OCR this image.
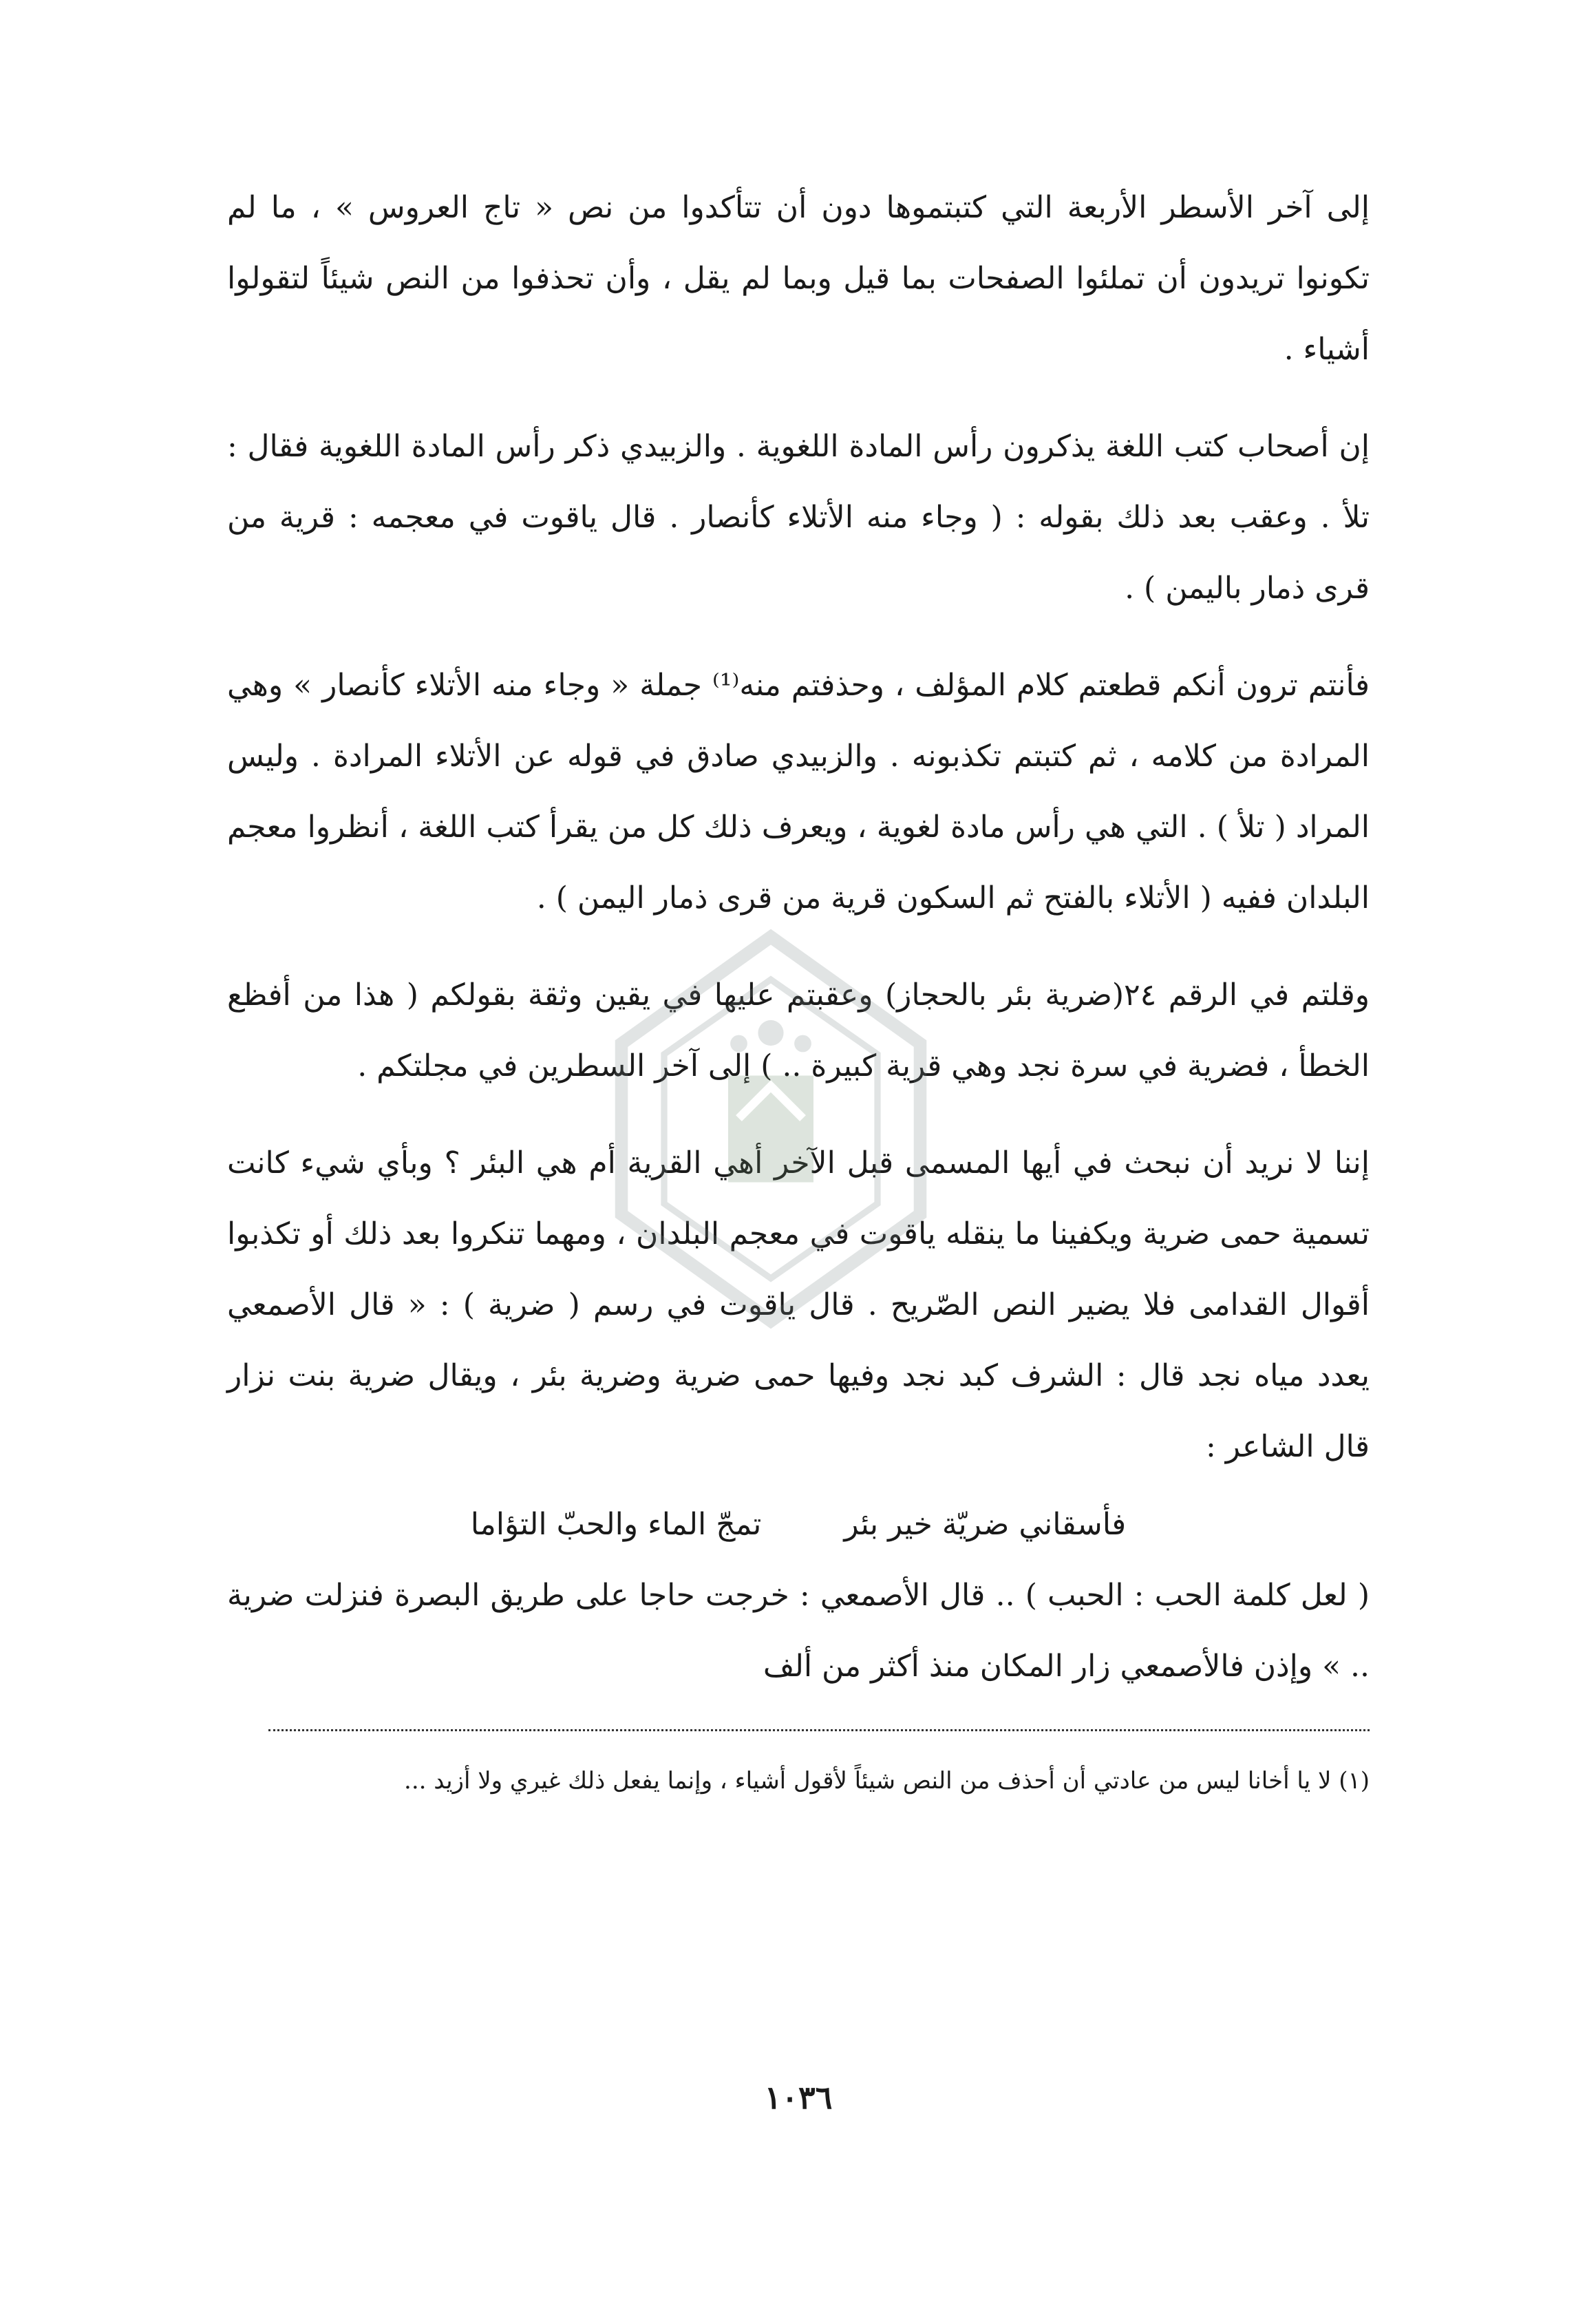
إلى آخر الأسطر الأربعة التي كتبتموها دون أن تتأكدوا من نص « تاج العروس » ، ما لم تكونوا تريدون أن تملئوا الصفحات بما قيل وبما لم يقل ، وأن تحذفوا من النص شيئاً لتقولوا أشياء .

إن أصحاب كتب اللغة يذكرون رأس المادة اللغوية . والزبيدي ذكر رأس المادة اللغوية فقال : تلأ . وعقب بعد ذلك بقوله : ( وجاء منه الأتلاء كأنصار . قال ياقوت في معجمه : قرية من قرى ذمار باليمن ) .

فأنتم ترون أنكم قطعتم كلام المؤلف ، وحذفتم منه⁽¹⁾ جملة « وجاء منه الأتلاء كأنصار » وهي المرادة من كلامه ، ثم كتبتم تكذبونه . والزبيدي صادق في قوله عن الأتلاء المرادة . وليس المراد ( تلأ ) . التي هي رأس مادة لغوية ، ويعرف ذلك كل من يقرأ كتب اللغة ، أنظروا معجم البلدان ففيه ( الأتلاء بالفتح ثم السكون قرية من قرى ذمار اليمن ) .

وقلتم في الرقم ٢٤(ضرية بئر بالحجاز) وعقبتم عليها في يقين وثقة بقولكم ( هذا من أفظع الخطأ ، فضرية في سرة نجد وهي قرية كبيرة .. ) إلى آخر السطرين في مجلتكم .

إننا لا نريد أن نبحث في أيها المسمى قبل الآخر أهي القرية أم هي البئر ؟ وبأي شيء كانت تسمية حمى ضرية ويكفينا ما ينقله ياقوت في معجم البلدان ، ومهما تنكروا بعد ذلك أو تكذبوا أقوال القدامى فلا يضير النص الصّريح . قال ياقوت في رسم ( ضرية ) : « قال الأصمعي يعدد مياه نجد قال : الشرف كبد نجد وفيها حمى ضرية وضرية بئر ، ويقال ضرية بنت نزار قال الشاعر :

فأسقاني ضريّة خير بئر
تمجّ الماء والحبّ التؤاما

( لعل كلمة الحب : الحبب ) .. قال الأصمعي : خرجت حاجا على طريق البصرة فنزلت ضرية .. » وإذن فالأصمعي زار المكان منذ أكثر من ألف

(١) لا يا أخانا ليس من عادتي أن أحذف من النص شيئاً لأقول أشياء ، وإنما يفعل ذلك غيري ولا أزيد ...

١٠٣٦
